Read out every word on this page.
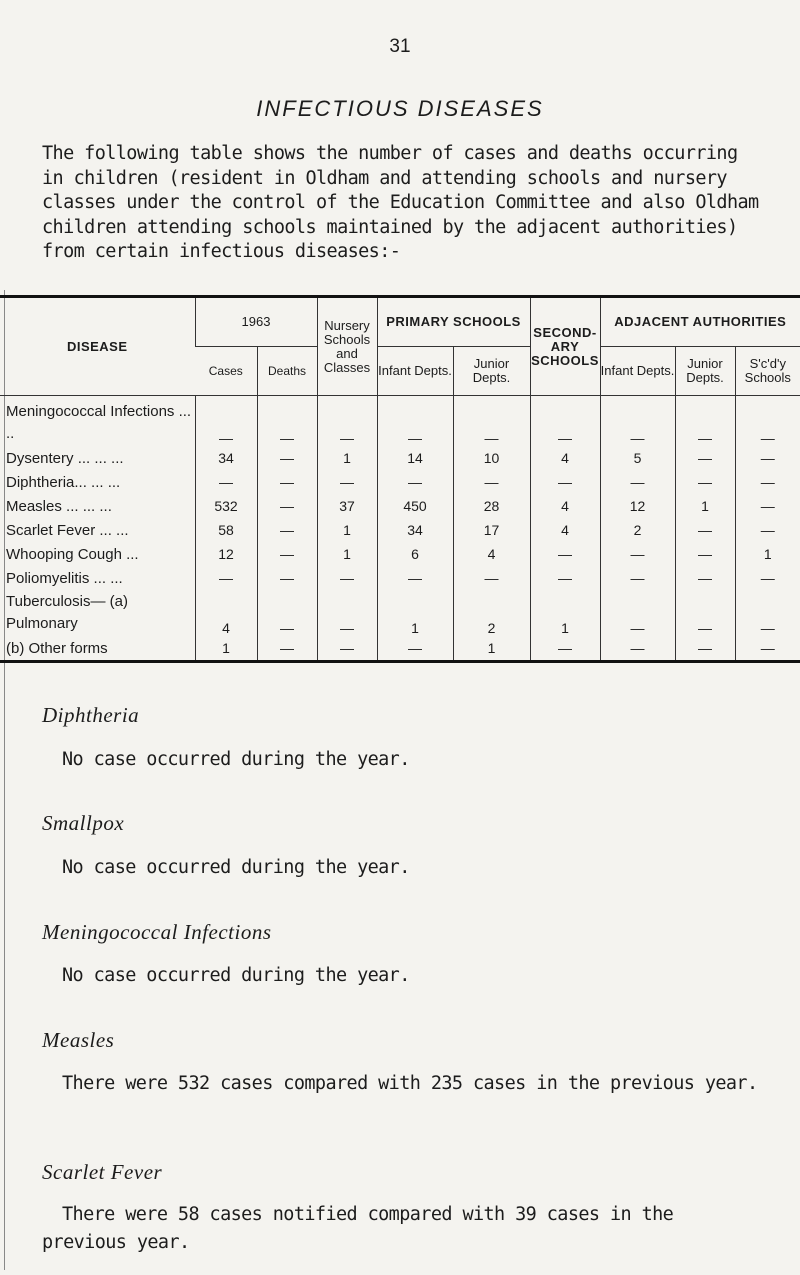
31
INFECTIOUS DISEASES

The following table shows the number of cases and deaths occurring in children (resident in Oldham and attending schools and nursery classes under the control of the Education Committee and also Oldham children attending schools maintained by the adjacent authorities) from certain infectious diseases:-

DISEASE	1963		Nursery Schools and Classes	PRIMARY SCHOOLS		SECOND-ARY SCHOOLS	ADJACENT AUTHORITIES		
	Cases	Deaths		Infant Depts.	Junior Depts.		Infant Depts.	Junior Depts.	S'c'd'y Schools
Meningococcal Infections ... ..	—	—	—	—	—	—	—	—	—
Dysentery ... ... ...	34	—	1	14	10	4	5	—	—
Diphtheria... ... ...	—	—	—	—	—	—	—	—	—
Measles ... ... ...	532	—	37	450	28	4	12	1	—
Scarlet Fever ... ...	58	—	1	34	17	4	2	—	—
Whooping Cough ...	12	—	1	6	4	—	—	—	1
Poliomyelitis ... ...	—	—	—	—	—	—	—	—	—
Tuberculosis— (a) Pulmonary	4	—	—	1	2	1	—	—	—
(b) Other forms	1	—	—	—	1	—	—	—	—
Diphtheria

No case occurred during the year.

Smallpox

No case occurred during the year.

Meningococcal Infections

No case occurred during the year.

Measles

There were 532 cases compared with 235 cases in the previous year.

Scarlet Fever

There were 58 cases notified compared with 39 cases in the previous year.
